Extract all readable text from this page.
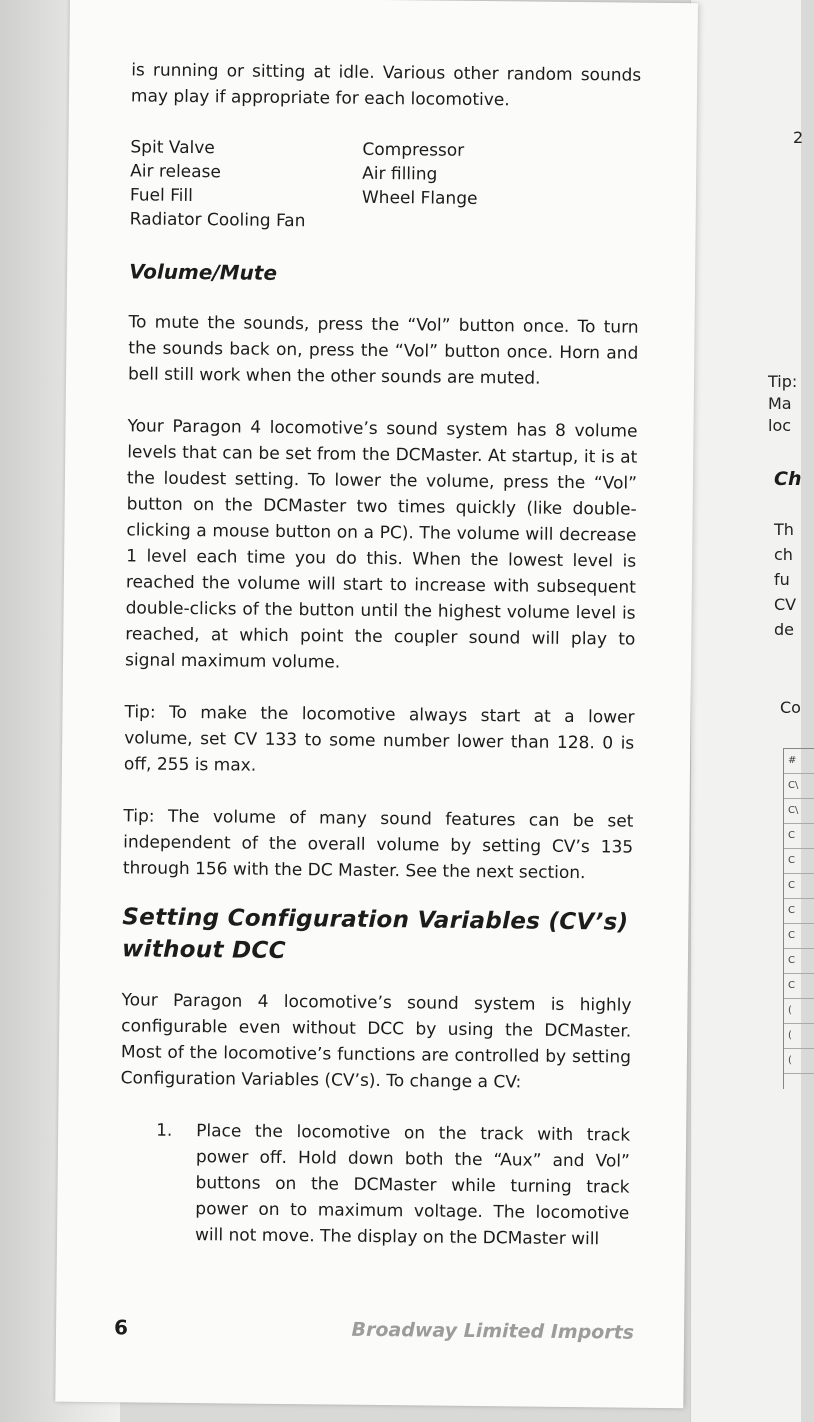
2
Tip:
Ma
loc
Ch
Th
ch
fu
CV
de
Co
#
C\
C\
C
C
C
C
C
C
C
(
(
(

is running or sitting at idle. Various other random sounds may play if appropriate for each locomotive.

Spit Valve	Compressor
Air release	Air filling
Fuel Fill	Wheel Flange
Radiator Cooling Fan
Volume/Mute

To mute the sounds, press the “Vol” button once. To turn the sounds back on, press the “Vol” button once. Horn and bell still work when the other sounds are muted.

Your Paragon 4 locomotive’s sound system has 8 volume levels that can be set from the DCMaster. At startup, it is at the loudest setting. To lower the volume, press the “Vol” button on the DCMaster two times quickly (like double-clicking a mouse button on a PC). The volume will decrease 1 level each time you do this. When the lowest level is reached the volume will start to increase with subsequent double-clicks of the button until the highest volume level is reached, at which point the coupler sound will play to signal maximum volume.

Tip: To make the locomotive always start at a lower volume, set CV 133 to some number lower than 128. 0 is off, 255 is max.

Tip: The volume of many sound features can be set independent of the overall volume by setting CV’s 135 through 156 with the DC Master. See the next section.

Setting Configuration Variables (CV’s) without DCC

Your Paragon 4 locomotive’s sound system is highly configurable even without DCC by using the DCMaster. Most of the locomotive’s functions are controlled by setting Configuration Variables (CV’s). To change a CV:

1.	Place the locomotive on the track with track power off. Hold down both the “Aux” and Vol” buttons on the DCMaster while turning track power on to maximum voltage. The locomotive will not move. The display on the DCMaster will
6	Broadway Limited Imports
